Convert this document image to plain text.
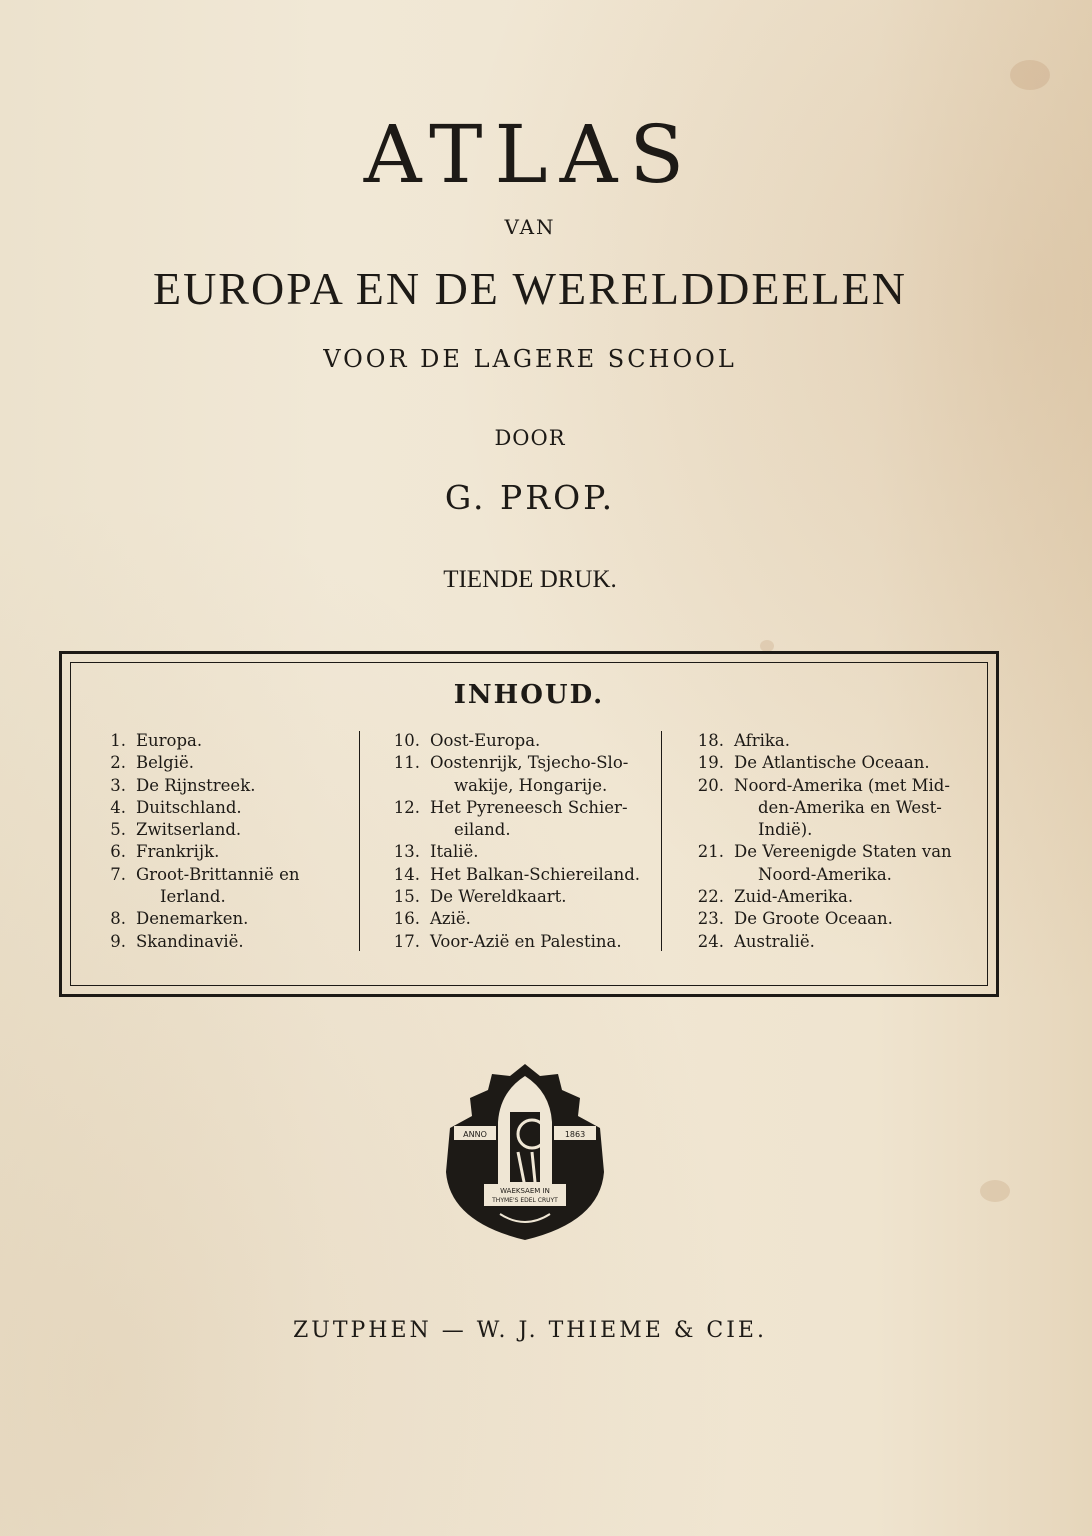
ATLAS
VAN
EUROPA EN DE WERELDDEELEN
VOOR DE LAGERE SCHOOL
DOOR
G. PROP.
TIENDE DRUK.
INHOUD.
1. Europa.
2. België.
3. De Rijnstreek.
4. Duitschland.
5. Zwitserland.
6. Frankrijk.
7. Groot-Brittannië en
Ierland.
8. Denemarken.
9. Skandinavië.
10. Oost-Europa.
11. Oostenrijk, Tsjecho-Slo-
wakije, Hongarije.
12. Het Pyreneesch Schier-
eiland.
13. Italië.
14. Het Balkan-Schiereiland.
15. De Wereldkaart.
16. Azië.
17. Voor-Azië en Palestina.
18. Afrika.
19. De Atlantische Oceaan.
20. Noord-Amerika (met Mid-
den-Amerika en West-
Indië).
21. De Vereenigde Staten van
Noord-Amerika.
22. Zuid-Amerika.
23. De Groote Oceaan.
24. Australië.
ANNO	1863
WAEKSAEM IN
THYME'S EDEL CRUYT
ZUTPHEN — W. J. THIEME & CIE.
